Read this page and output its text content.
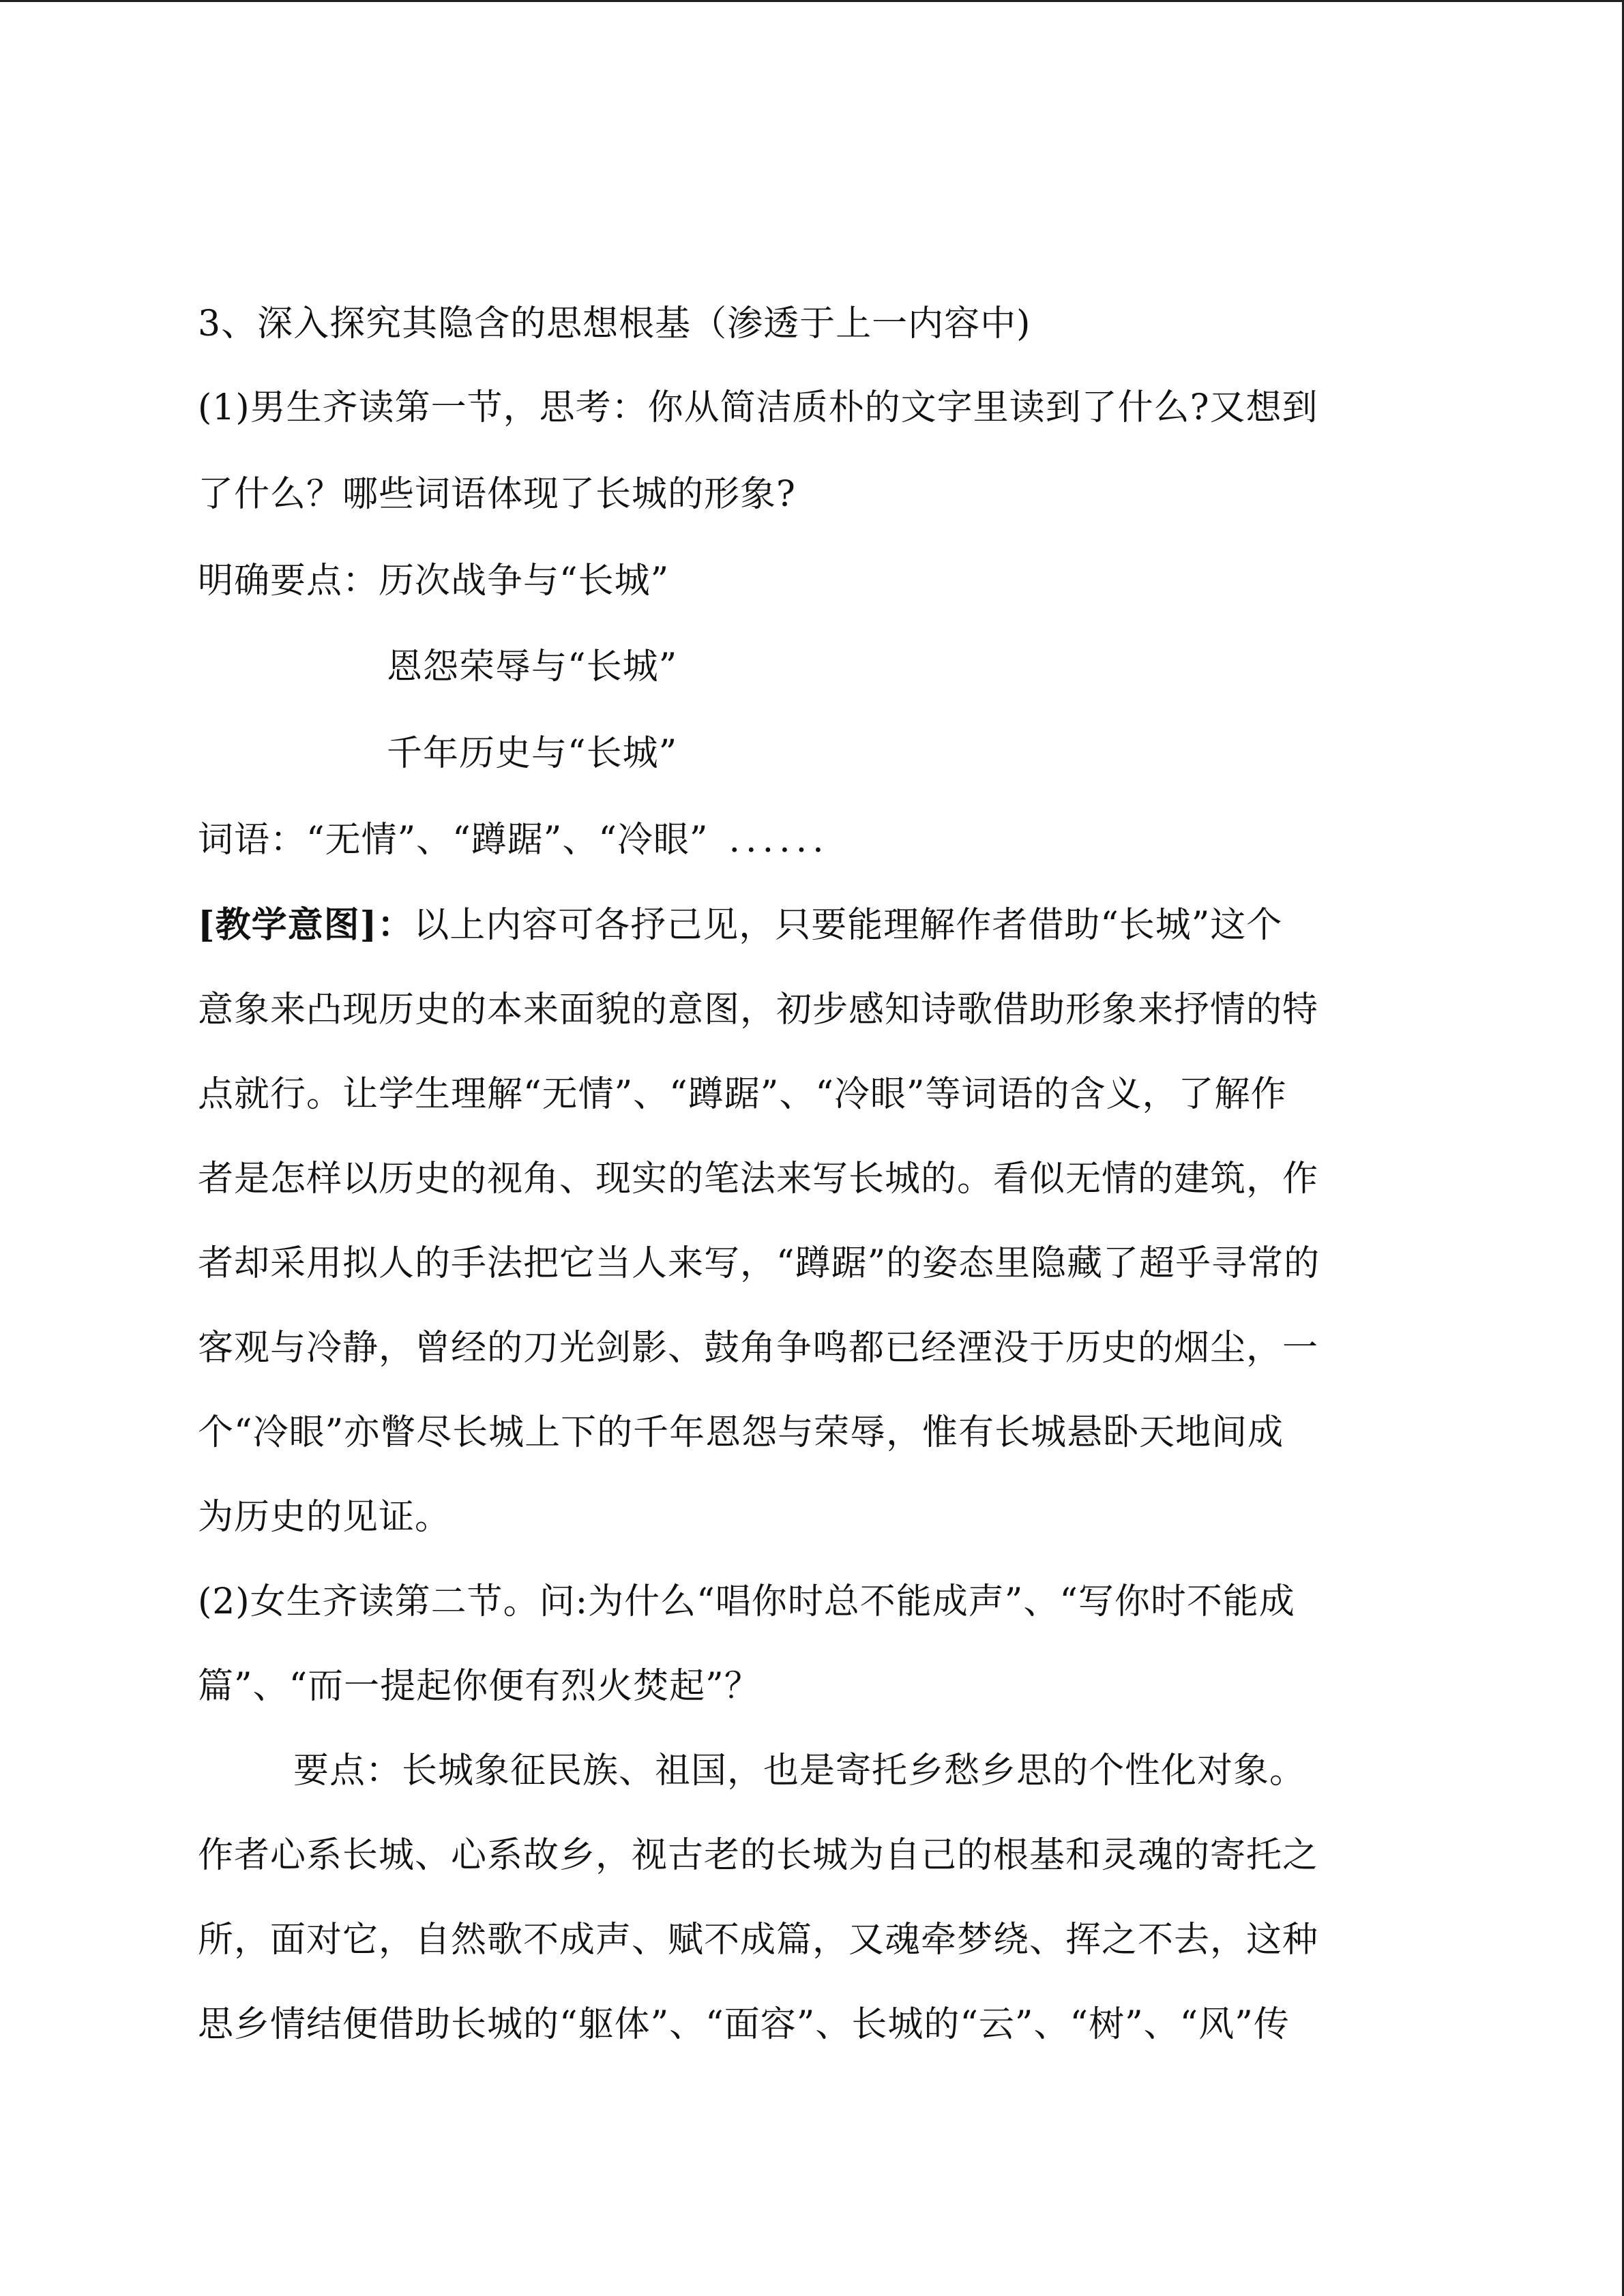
3、深入探究其隐含的思想根基（渗透于上一内容中)
(1)男生齐读第一节，思考：你从简洁质朴的文字里读到了什么?又想到
了什么？哪些词语体现了长城的形象?
明确要点：历次战争与“长城”
恩怨荣辱与“长城”
千年历史与“长城”
词语：“无情”、“蹲踞”、“冷眼” ......
[教学意图]：以上内容可各抒己见，只要能理解作者借助“长城”这个
意象来凸现历史的本来面貌的意图，初步感知诗歌借助形象来抒情的特
点就行。让学生理解“无情”、“蹲踞”、“冷眼”等词语的含义，了解作
者是怎样以历史的视角、现实的笔法来写长城的。看似无情的建筑，作
者却采用拟人的手法把它当人来写，“蹲踞”的姿态里隐藏了超乎寻常的
客观与冷静，曾经的刀光剑影、鼓角争鸣都已经湮没于历史的烟尘，一
个“冷眼”亦瞥尽长城上下的千年恩怨与荣辱，惟有长城悬卧天地间成
为历史的见证。
(2)女生齐读第二节。问:为什么“唱你时总不能成声”、“写你时不能成
篇”、“而一提起你便有烈火焚起”？
要点：长城象征民族、祖国，也是寄托乡愁乡思的个性化对象。
作者心系长城、心系故乡，视古老的长城为自己的根基和灵魂的寄托之
所，面对它，自然歌不成声、赋不成篇，又魂牵梦绕、挥之不去，这种
思乡情结便借助长城的“躯体”、“面容”、长城的“云”、“树”、“风”传
